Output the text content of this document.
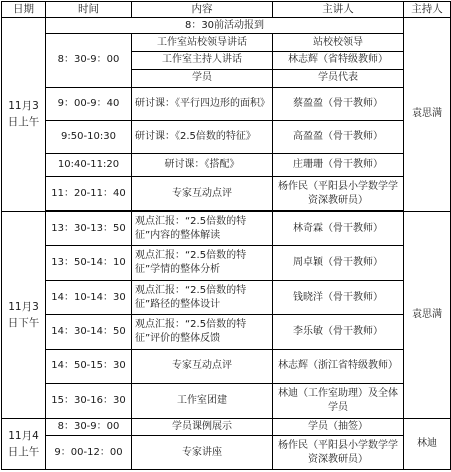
日期	时间	内容	主讲人	主持人
11月3日上午	8：30前活动报到			袁思满
	8：30-9：00	工作室站校领导讲话	站校校领导	
		工作室主持人讲话	林志辉（省特级教师）	
		学员	学员代表	
	9：00-9：40	研讨课：《平行四边形的面积》	蔡盈盈（骨干教师）	
	9:50-10:30	研讨课：《2.5倍数的特征》	高盈盈（骨干教师）	
	10:40-11:20	研讨课：《搭配》	庄珊珊（骨干教师）	
	11：20-11：40	专家互动点评	杨作民（平阳县小学数学学资深教研员）	

11月3日下午	13：30-13：50	观点汇报：“2.5倍数的特征”内容的整体解读	林奇霖（骨干教师）	袁思满
	13：50-14：10	观点汇报：“2.5倍数的特征”学情的整体分析	周卓颖（骨干教师）	
	14：10-14：30	观点汇报：“2.5倍数的特征”路径的整体设计	钱晓洋（骨干教师）	
	14：30-14：50	观点汇报：“2.5倍数的特征”评价的整体反馈	李乐敏（骨干教师）	
	14：50-15：30	专家互动点评	林志辉（浙江省特级教师）	
	15：30-16：30	工作室团建	林迪（工作室助理）及全体学员	
11月4日上午	8：30-9：00	学员课例展示	学员（抽签）	林迪
	9：00-12：00	专家讲座	杨作民（平阳县小学数学学资深教研员）	
